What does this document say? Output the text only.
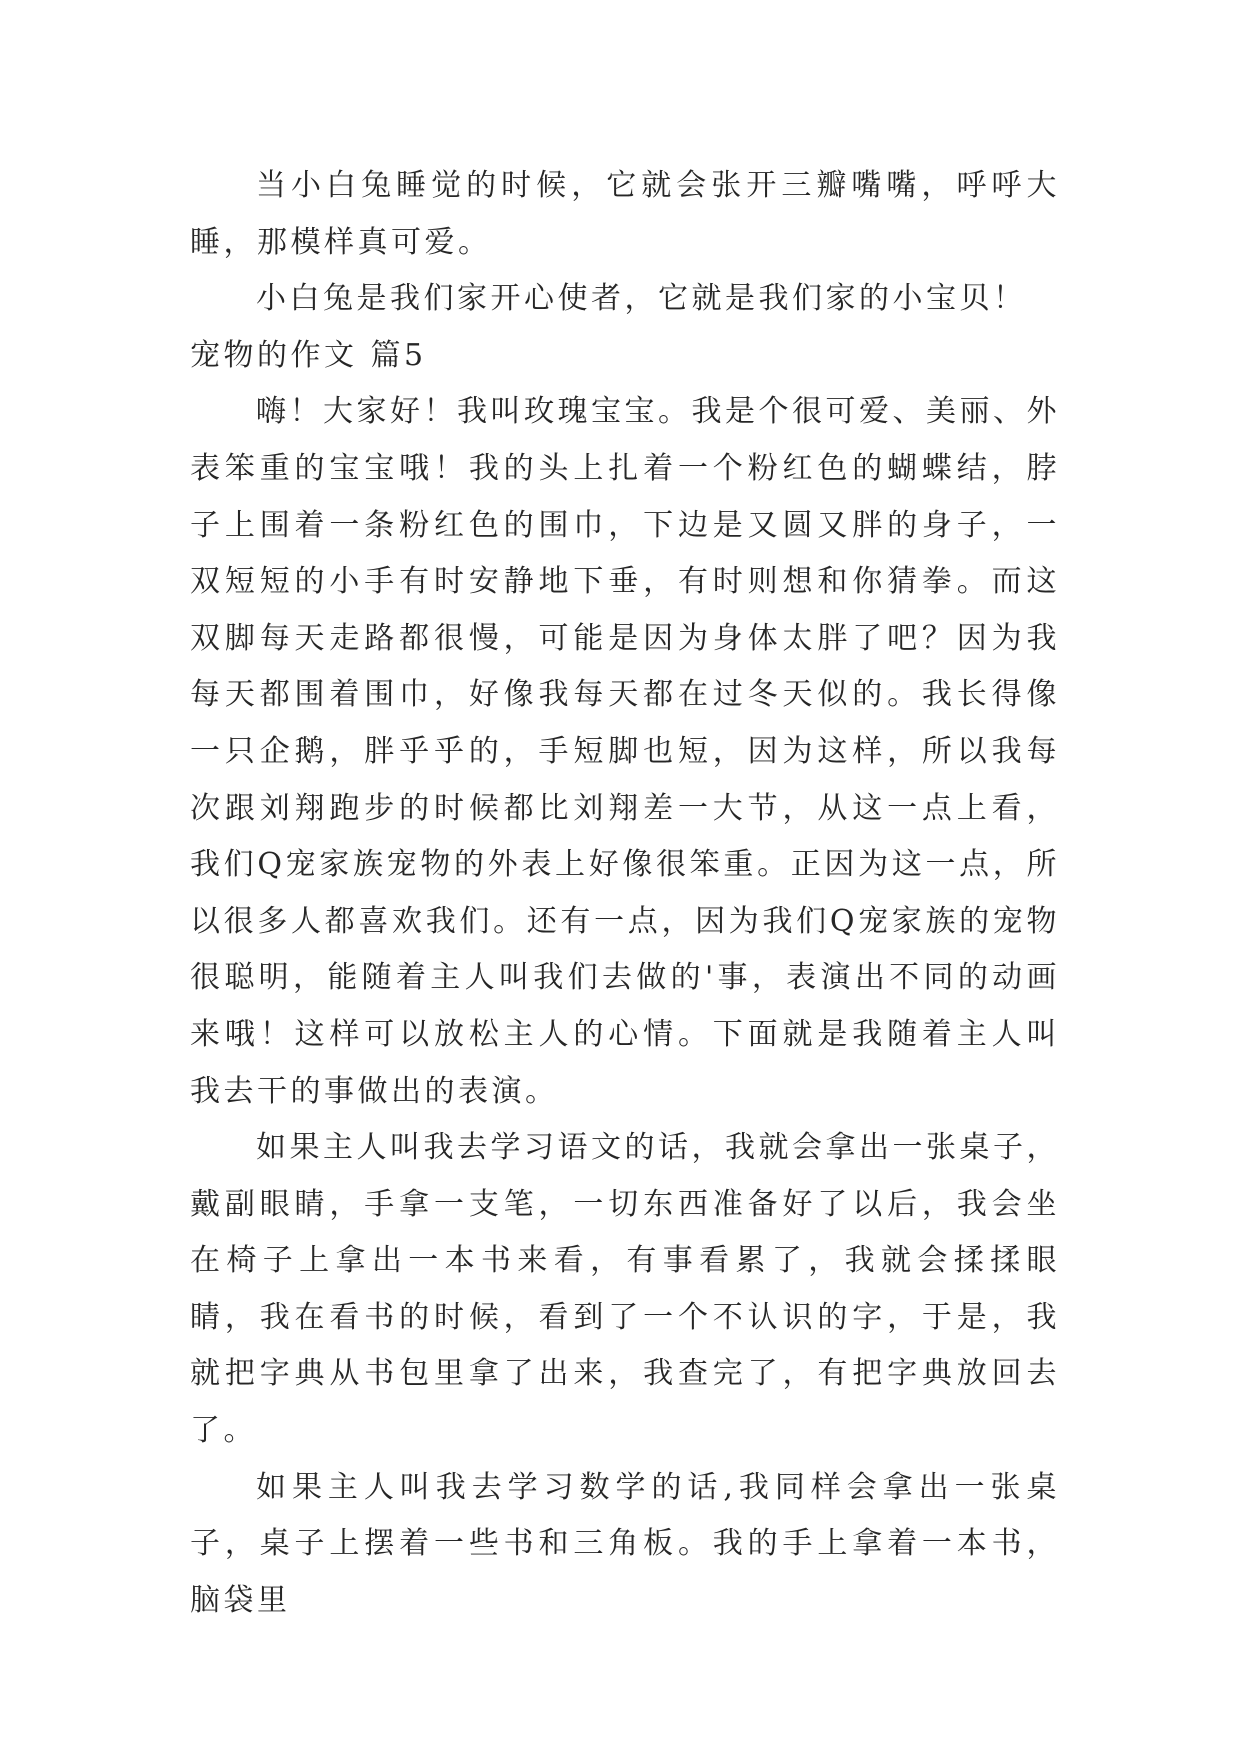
当小白兔睡觉的时候，它就会张开三瓣嘴嘴，呼呼大睡，那模样真可爱。

小白兔是我们家开心使者，它就是我们家的小宝贝！

宠物的作文 篇5

嗨！大家好！我叫玫瑰宝宝。我是个很可爱、美丽、外表笨重的宝宝哦！我的头上扎着一个粉红色的蝴蝶结，脖子上围着一条粉红色的围巾，下边是又圆又胖的身子，一双短短的小手有时安静地下垂，有时则想和你猜拳。而这双脚每天走路都很慢，可能是因为身体太胖了吧？因为我每天都围着围巾，好像我每天都在过冬天似的。我长得像一只企鹅，胖乎乎的，手短脚也短，因为这样，所以我每次跟刘翔跑步的时候都比刘翔差一大节，从这一点上看，我们Q宠家族宠物的外表上好像很笨重。正因为这一点，所以很多人都喜欢我们。还有一点，因为我们Q宠家族的宠物很聪明，能随着主人叫我们去做的'事，表演出不同的动画来哦！这样可以放松主人的心情。下面就是我随着主人叫我去干的事做出的表演。

如果主人叫我去学习语文的话，我就会拿出一张桌子，戴副眼睛，手拿一支笔，一切东西准备好了以后，我会坐在椅子上拿出一本书来看，有事看累了，我就会揉揉眼睛，我在看书的时候，看到了一个不认识的字，于是，我就把字典从书包里拿了出来，我查完了，有把字典放回去了。

如果主人叫我去学习数学的话,我同样会拿出一张桌子，桌子上摆着一些书和三角板。我的手上拿着一本书，脑袋里
